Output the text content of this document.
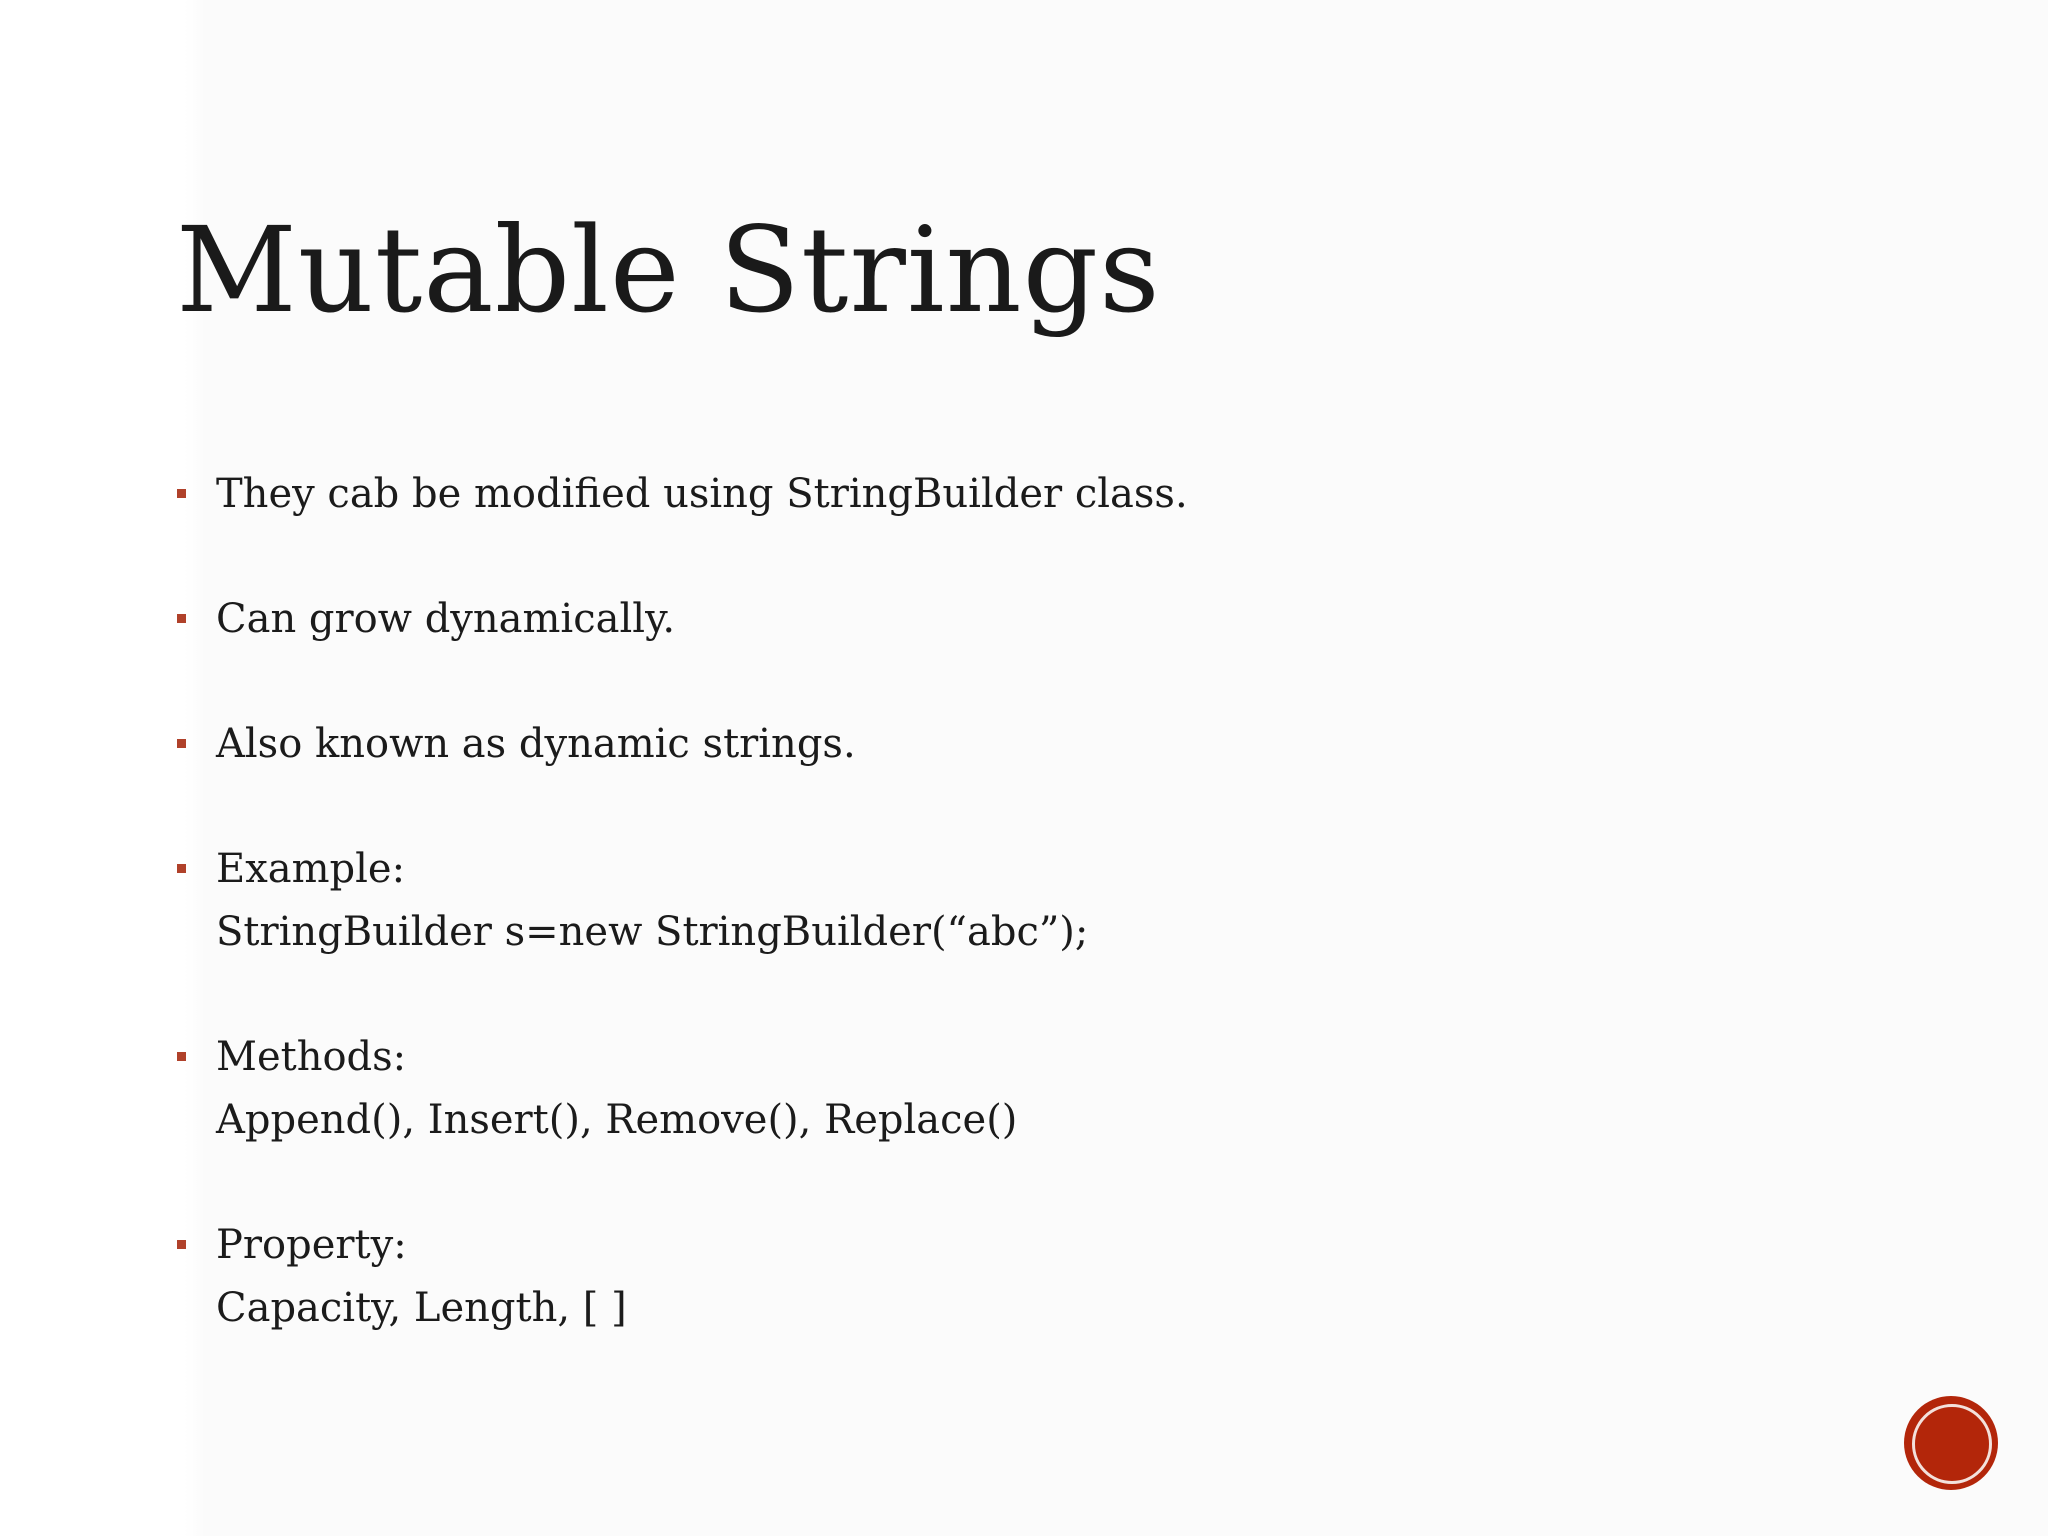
Mutable Strings
They cab be modified using StringBuilder class.
Can grow dynamically.
Also known as dynamic strings.
Example:
StringBuilder s=new StringBuilder(“abc”);
Methods:
Append(), Insert(), Remove(), Replace()
Property:
Capacity, Length, [ ]
